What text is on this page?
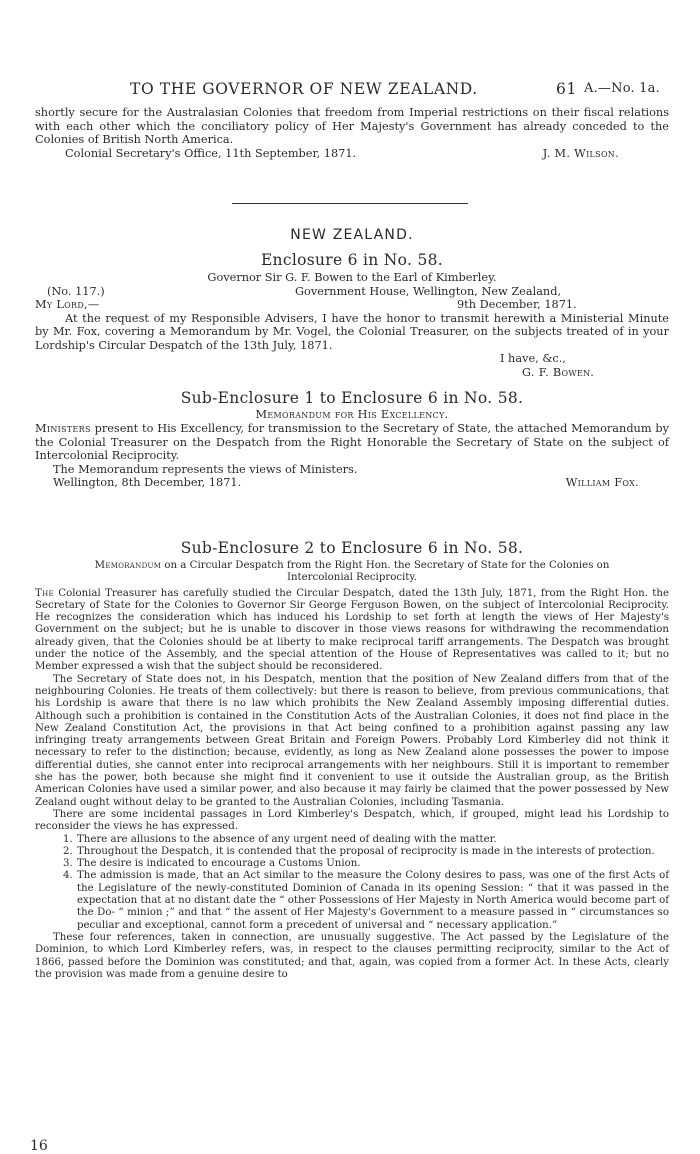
TO THE GOVERNOR OF NEW ZEALAND.	61 A.—No. 1a.

shortly secure for the Australasian Colonies that freedom from Imperial restrictions on their fiscal relations with each other which the conciliatory policy of Her Majesty's Government has already conceded to the Colonies of British North America.

Colonial Secretary's Office, 11th September, 1871.	J. M. Wilson.
NEW ZEALAND.
Enclosure 6 in No. 58.
Governor Sir G. F. Bowen to the Earl of Kimberley.
(No. 117.)	Government House, Wellington, New Zealand,
My Lord,—	9th December, 1871.

At the request of my Responsible Advisers, I have the honor to transmit herewith a Ministerial Minute by Mr. Fox, covering a Memorandum by Mr. Vogel, the Colonial Treasurer, on the subjects treated of in your Lordship's Circular Despatch of the 13th July, 1871.

I have, &c.,
G. F. Bowen.
Sub-Enclosure 1 to Enclosure 6 in No. 58.
Memorandum for His Excellency.

Ministers present to His Excellency, for transmission to the Secretary of State, the attached Memorandum by the Colonial Treasurer on the Despatch from the Right Honorable the Secretary of State on the subject of Intercolonial Reciprocity.

The Memorandum represents the views of Ministers.

Wellington, 8th December, 1871.	William Fox.
Sub-Enclosure 2 to Enclosure 6 in No. 58.
Memorandum on a Circular Despatch from the Right Hon. the Secretary of State for the Colonies on
Intercolonial Reciprocity.

The Colonial Treasurer has carefully studied the Circular Despatch, dated the 13th July, 1871, from the Right Hon. the Secretary of State for the Colonies to Governor Sir George Ferguson Bowen, on the subject of Intercolonial Reciprocity. He recognizes the consideration which has induced his Lordship to set forth at length the views of Her Majesty's Government on the subject; but he is unable to discover in those views reasons for withdrawing the recommendation already given, that the Colonies should be at liberty to make reciprocal tariff arrangements. The Despatch was brought under the notice of the Assembly, and the special attention of the House of Representatives was called to it; but no Member expressed a wish that the subject should be reconsidered.

The Secretary of State does not, in his Despatch, mention that the position of New Zealand differs from that of the neighbouring Colonies. He treats of them collectively: but there is reason to believe, from previous communications, that his Lordship is aware that there is no law which prohibits the New Zealand Assembly imposing differential duties. Although such a prohibition is contained in the Constitution Acts of the Australian Colonies, it does not find place in the New Zealand Constitution Act, the provisions in that Act being confined to a prohibition against passing any law infringing treaty arrangements between Great Britain and Foreign Powers. Probably Lord Kimberley did not think it necessary to refer to the distinction; because, evidently, as long as New Zealand alone possesses the power to impose differential duties, she cannot enter into reciprocal arrangements with her neighbours. Still it is important to remember she has the power, both because she might find it convenient to use it outside the Australian group, as the British American Colonies have used a similar power, and also because it may fairly be claimed that the power possessed by New Zealand ought without delay to be granted to the Australian Colonies, including Tasmania.

There are some incidental passages in Lord Kimberley's Despatch, which, if grouped, might lead his Lordship to reconsider the views he has expressed.

1. There are allusions to the absence of any urgent need of dealing with the matter.
2. Throughout the Despatch, it is contended that the proposal of reciprocity is made in the interests of protection.
3. The desire is indicated to encourage a Customs Union.
4. The admission is made, that an Act similar to the measure the Colony desires to pass, was one of the first Acts of the Legislature of the newly-constituted Dominion of Canada in its opening Session: “ that it was passed in the expectation that at no distant date the “ other Possessions of Her Majesty in North America would become part of the Do- “ minion ;” and that “ the assent of Her Majesty's Government to a measure passed in “ circumstances so peculiar and exceptional, cannot form a precedent of universal and “ necessary application.”

These four references, taken in connection, are unusually suggestive. The Act passed by the Legislature of the Dominion, to which Lord Kimberley refers, was, in respect to the clauses permitting reciprocity, similar to the Act of 1866, passed before the Dominion was constituted; and that, again, was copied from a former Act. In these Acts, clearly the provision was made from a genuine desire to

16
